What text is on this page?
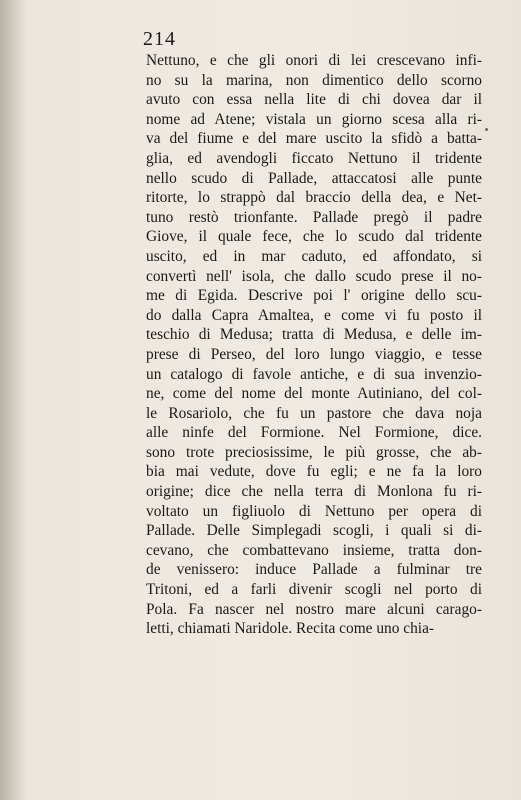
214
Nettuno, e che gli onori di lei crescevano infi-
no su la marina, non dimentico dello scorno
avuto con essa nella lite di chi dovea dar il
nome ad Atene; vistala un giorno scesa alla ri-
va del fiume e del mare uscito la sfidò a batta-
glia, ed avendogli ficcato Nettuno il tridente
nello scudo di Pallade, attaccatosi alle punte
ritorte, lo strappò dal braccio della dea, e Net-
tuno restò trionfante. Pallade pregò il padre
Giove, il quale fece, che lo scudo dal tridente
uscito, ed in mar caduto, ed affondato, si
convertì nell' isola, che dallo scudo prese il no-
me di Egida. Descrive poi l' origine dello scu-
do dalla Capra Amaltea, e come vi fu posto il
teschio di Medusa; tratta di Medusa, e delle im-
prese di Perseo, del loro lungo viaggio, e tesse
un catalogo di favole antiche, e di sua invenzio-
ne, come del nome del monte Autiniano, del col-
le Rosariolo, che fu un pastore che dava noja
alle ninfe del Formione. Nel Formione, dice.
sono trote preciosissime, le più grosse, che ab-
bia mai vedute, dove fu egli; e ne fa la loro
origine; dice che nella terra di Monlona fu ri-
voltato un figliuolo di Nettuno per opera di
Pallade. Delle Simplegadi scogli, i quali si di-
cevano, che combattevano insieme, tratta don-
de venissero: induce Pallade a fulminar tre
Tritoni, ed a farli divenir scogli nel porto di
Pola. Fa nascer nel nostro mare alcuni carago-
letti, chiamati Naridole. Recita come uno chia-
